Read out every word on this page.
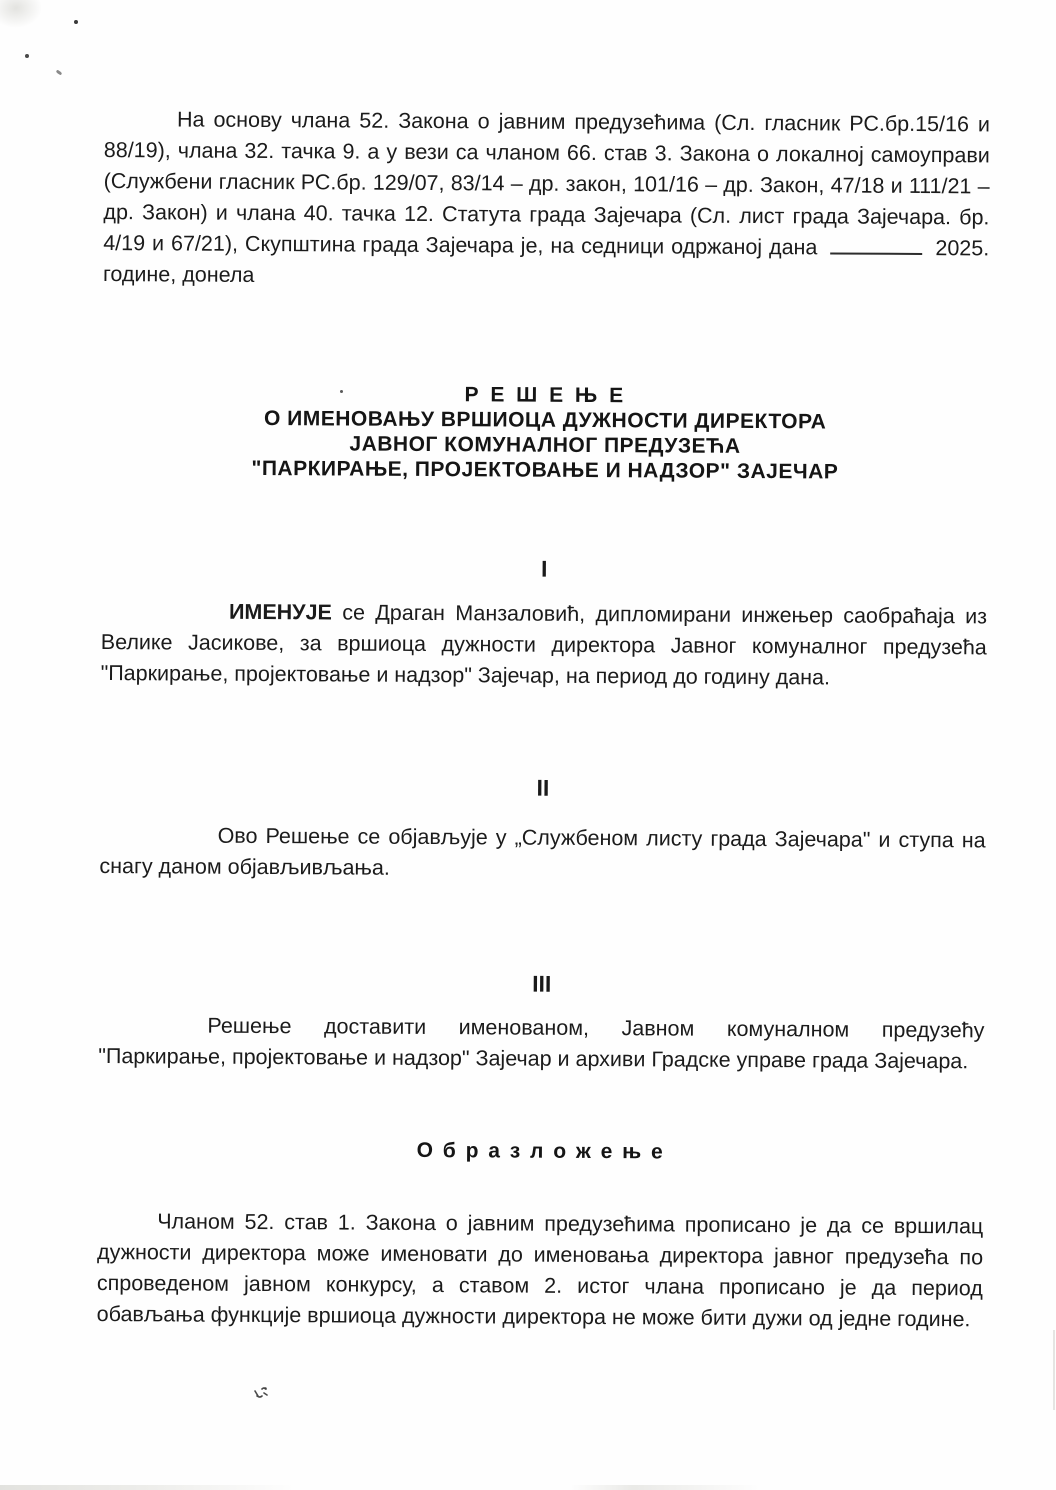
На основу члана 52. Закона о јавним предузећима (Сл. гласник РС.бр.15/16 и 88/19), члана 32. тачка 9. а у вези са чланом 66. став 3. Закона о локалној самоуправи (Службени гласник РС.бр. 129/07, 83/14 – др. закон, 101/16 – др. Закон, 47/18 и 111/21 – др. Закон) и члана 40. тачка 12. Статута града Зајечара (Сл. лист града Зајечара. бр. 4/19 и 67/21), Скупштина града Зајечара је, на седници одржаној дана	2025. године, донела

Р Е Ш Е Њ Е
О ИМЕНОВАЊУ ВРШИОЦА ДУЖНОСТИ ДИРЕКТОРА
ЈАВНОГ КОМУНАЛНОГ ПРЕДУЗЕЋА
"ПАРКИРАЊЕ, ПРОЈЕКТОВАЊЕ И НАДЗОР" ЗАЈЕЧАР
I

ИМЕНУЈЕ се Драган Манзаловић, дипломирани инжењер саобраћаја из Велике Јасикове, за вршиоца дужности директора Јавног комуналног предузећа "Паркирање, пројектовање и надзор" Зајечар, на период до годину дана.

II

Ово Решење се објављује у „Службеном листу града Зајечара" и ступа на снагу даном објављивљања.

III

Решење доставити именованом, Јавном комуналном предузећу "Паркирање, пројектовање и надзор" Зајечар и архиви Градске управе града Зајечара.

О б р а з л о ж е њ е

Чланом 52. став 1. Закона о јавним предузећима прописано је да се вршилац дужности директора може именовати до именовања директора јавног предузећа по спроведеном јавном конкурсу, а ставом 2. истог члана прописано је да период обављања функције вршиоца дужности директора не може бити дужи од једне године.
